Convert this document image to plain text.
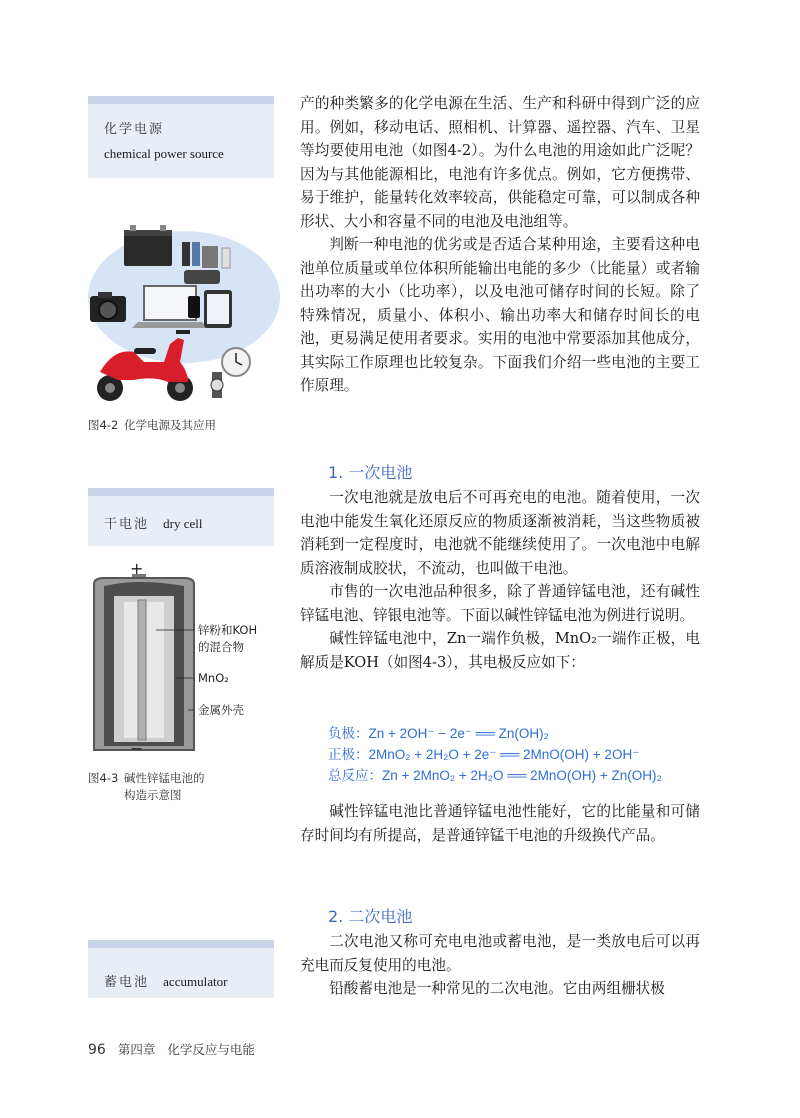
化学电源
chemical power source
干电池 dry cell
蓄电池 accumulator
图4-2 化学电源及其应用
+
−
锌粉和KOH
的混合物
MnO₂
金属外壳
图4-3 碱性锌锰电池的
构造示意图

产的种类繁多的化学电源在生活、生产和科研中得到广泛的应用。例如，移动电话、照相机、计算器、遥控器、汽车、卫星等均要使用电池（如图4-2）。为什么电池的用途如此广泛呢？因为与其他能源相比，电池有许多优点。例如，它方便携带、易于维护，能量转化效率较高，供能稳定可靠，可以制成各种形状、大小和容量不同的电池及电池组等。

判断一种电池的优劣或是否适合某种用途，主要看这种电池单位质量或单位体积所能输出电能的多少（比能量）或者输出功率的大小（比功率），以及电池可储存时间的长短。除了特殊情况，质量小、体积小、输出功率大和储存时间长的电池，更易满足使用者要求。实用的电池中常要添加其他成分，其实际工作原理也比较复杂。下面我们介绍一些电池的主要工作原理。

1. 一次电池

一次电池就是放电后不可再充电的电池。随着使用，一次电池中能发生氧化还原反应的物质逐渐被消耗，当这些物质被消耗到一定程度时，电池就不能继续使用了。一次电池中电解质溶液制成胶状，不流动，也叫做干电池。

市售的一次电池品种很多，除了普通锌锰电池，还有碱性锌锰电池、锌银电池等。下面以碱性锌锰电池为例进行说明。

碱性锌锰电池中，Zn一端作负极，MnO₂一端作正极，电解质是KOH（如图4-3），其电极反应如下：

负极：Zn + 2OH⁻ − 2e⁻ ══ Zn(OH)₂
正极：2MnO₂ + 2H₂O + 2e⁻ ══ 2MnO(OH) + 2OH⁻
总反应：Zn + 2MnO₂ + 2H₂O ══ 2MnO(OH) + Zn(OH)₂

碱性锌锰电池比普通锌锰电池性能好，它的比能量和可储存时间均有所提高，是普通锌锰干电池的升级换代产品。

2. 二次电池

二次电池又称可充电电池或蓄电池，是一类放电后可以再充电而反复使用的电池。

铅酸蓄电池是一种常见的二次电池。它由两组栅状极

96 第四章 化学反应与电能
